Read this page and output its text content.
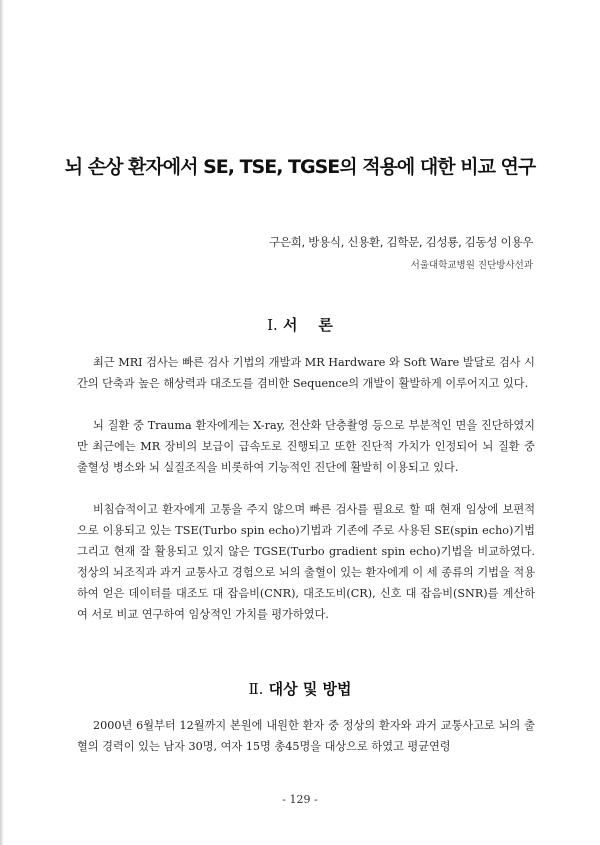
뇌 손상 환자에서 SE, TSE, TGSE의 적용에 대한 비교 연구
구은희, 방용식, 신용환, 김학문, 김성룡, 김동성 이용우
서울대학교병원 진단방사선과
Ⅰ. 서    론
최근 MRI 검사는 빠른 검사 기법의 개발과 MR Hardware 와 Soft Ware 발달로 검사 시간의 단축과 높은 해상력과 대조도를 겸비한 Sequence의 개발이 활발하게 이루어지고 있다.
뇌 질환 중 Trauma 환자에게는 X-ray, 전산화 단층촬영 등으로 부분적인 면을 진단하였지만 최근에는 MR 장비의 보급이 급속도로 진행되고 또한 진단적 가치가 인정되어 뇌 질환 중 출혈성 병소와 뇌 실질조직을 비롯하여 기능적인 진단에 활발히 이용되고 있다.
비침습적이고 환자에게 고통을 주지 않으며 빠른 검사를 필요로 할 때 현재 임상에 보편적으로 이용되고 있는 TSE(Turbo spin echo)기법과 기존에 주로 사용된 SE(spin echo)기법 그리고 현재 잘 활용되고 있지 않은 TGSE(Turbo gradient spin echo)기법을 비교하였다. 정상의 뇌조직과 과거 교통사고 경험으로 뇌의 출혈이 있는 환자에게 이 세 종류의 기법을 적용하여 얻은 데이터를 대조도 대 잡음비(CNR), 대조도비(CR), 신호 대 잡음비(SNR)를 계산하여 서로 비교 연구하여 임상적인 가치를 평가하였다.
Ⅱ. 대상 및 방법
2000년 6월부터 12월까지 본원에 내원한 환자 중 정상의 환자와 과거 교통사고로 뇌의 출혈의 경력이 있는 남자 30명, 여자 15명 총45명을 대상으로 하였고 평균연령
- 129 -
